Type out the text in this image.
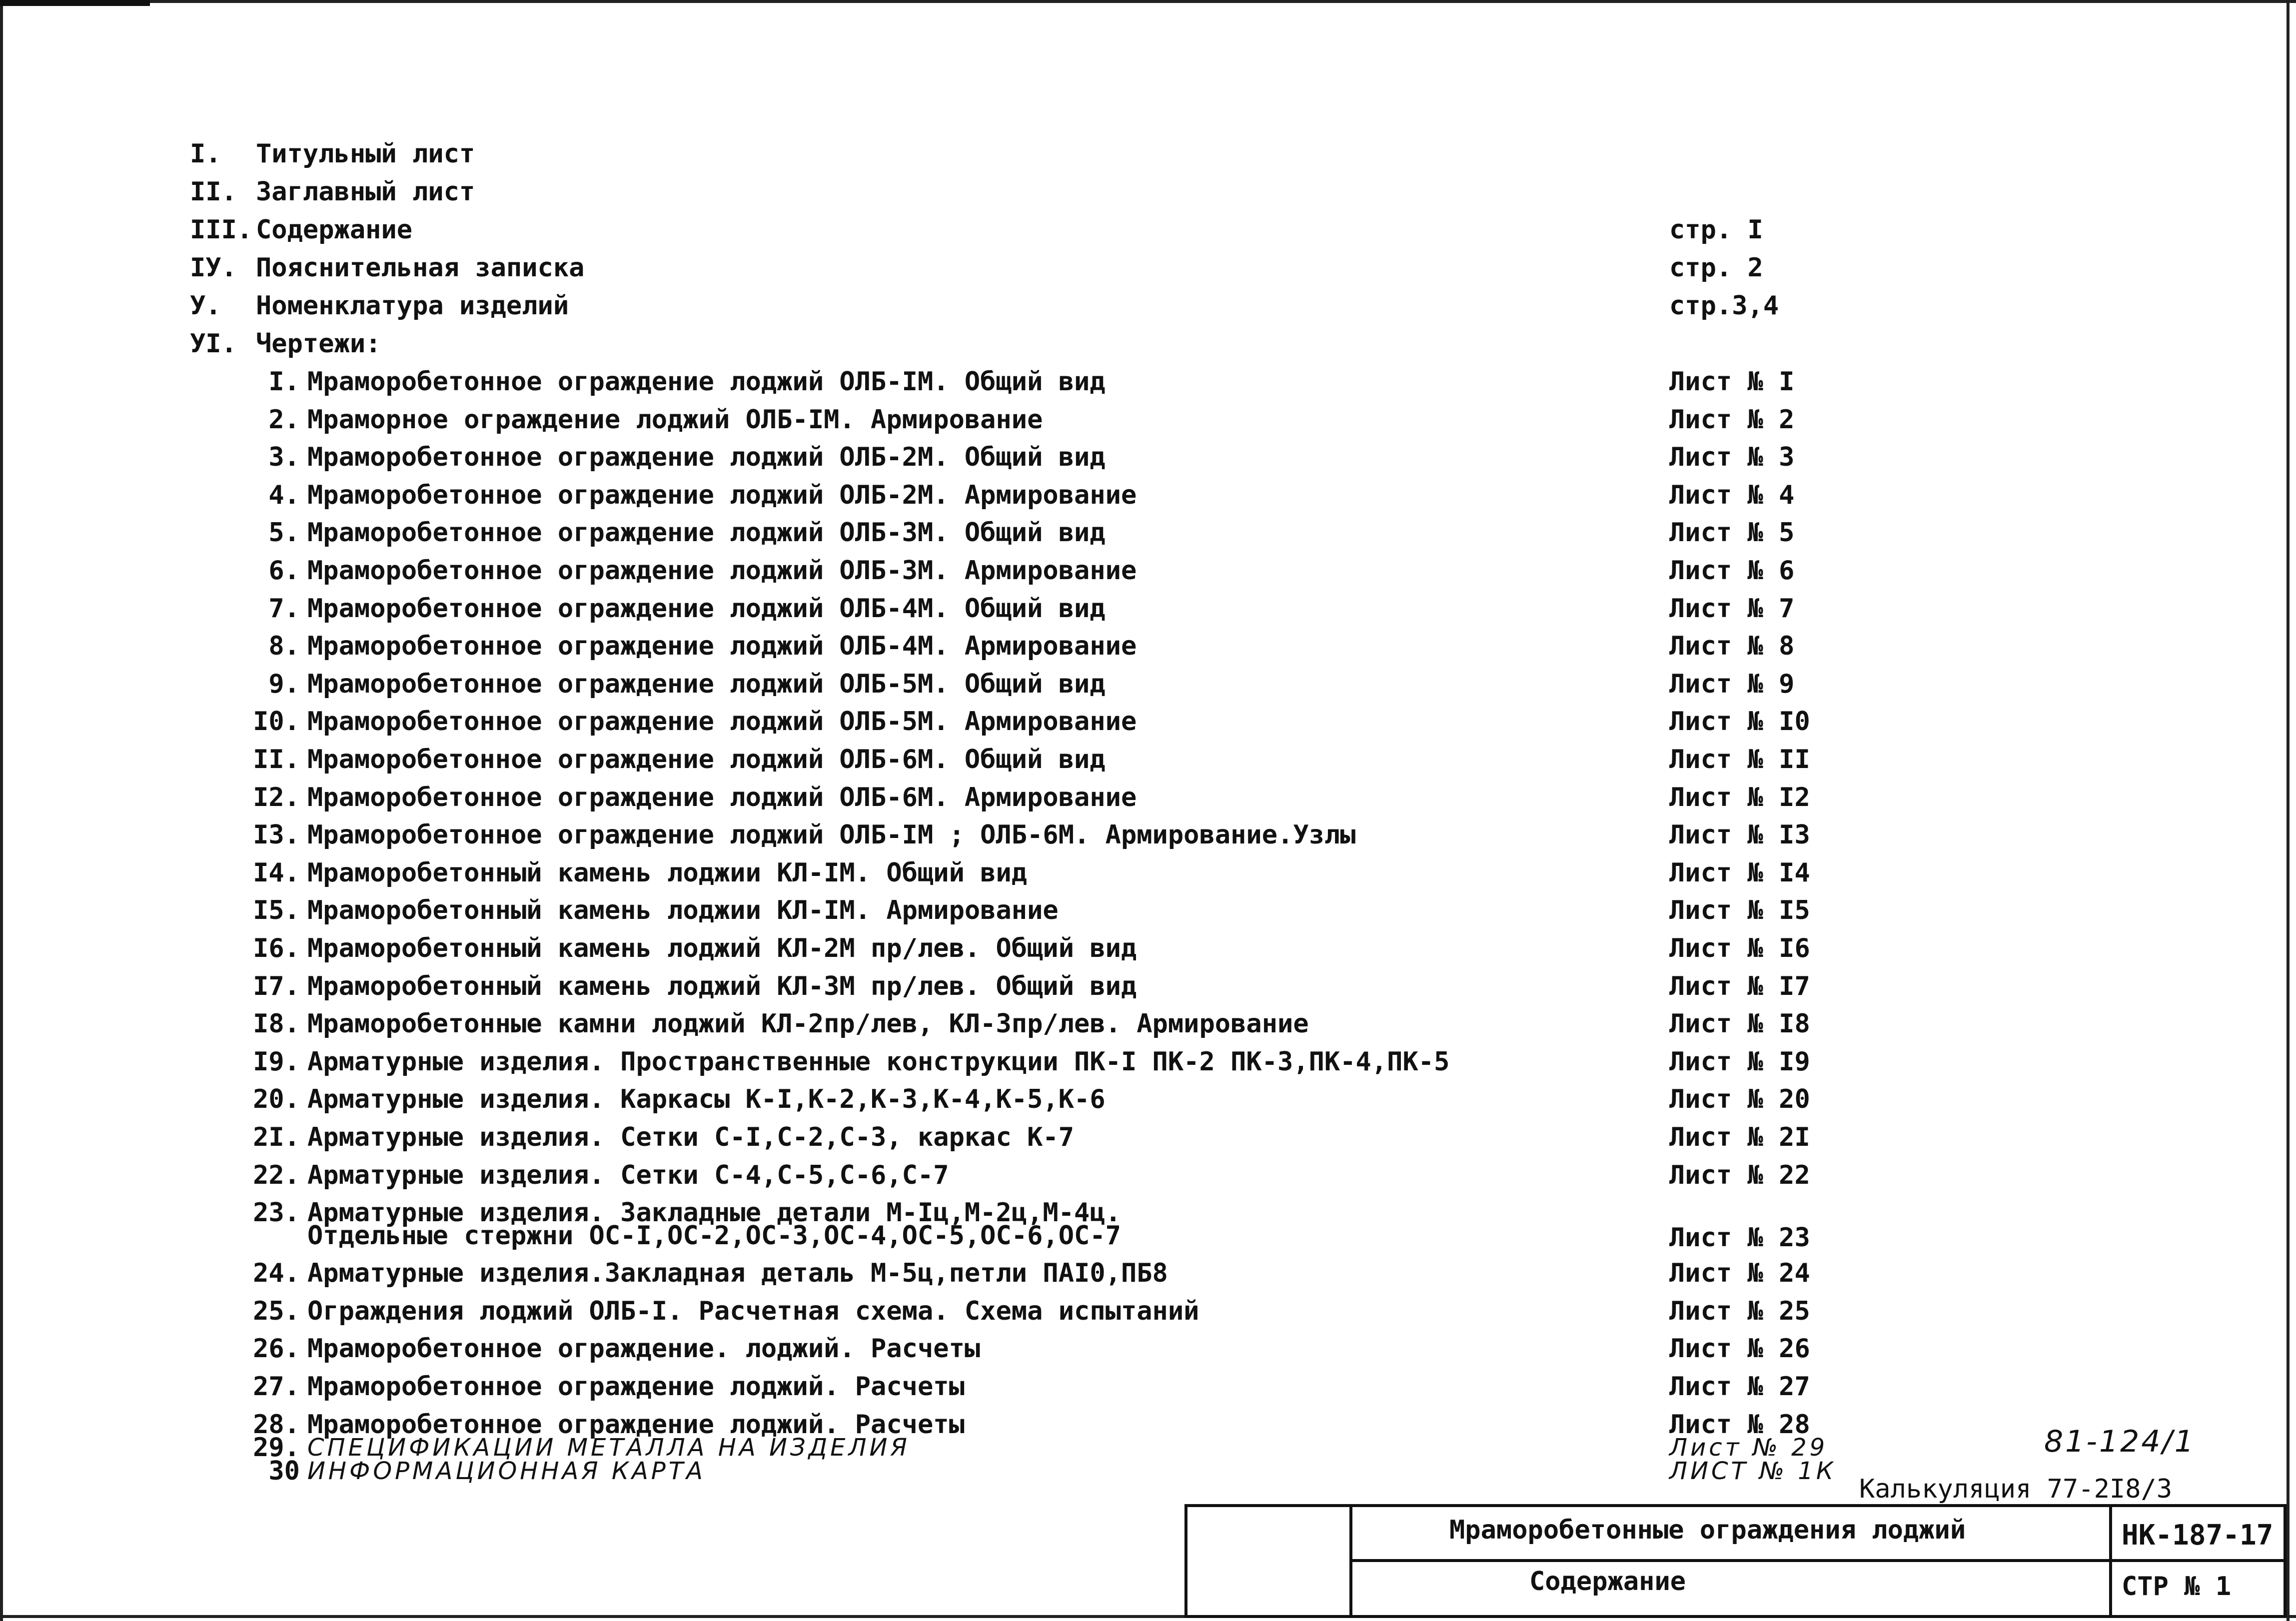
I.	Титульный лист
II. Заглавный лист
III. Содержание	стр. I
IУ. Пояснительная записка	стр. 2
У.	Номенклатура изделий	стр.3,4
УI. Чертежи:
I. Мраморобетонное ограждение лоджий ОЛБ-IМ. Общий вид	Лист № I
2. Мраморное ограждение лоджий ОЛБ-IМ. Армирование	Лист № 2
3. Мраморобетонное ограждение лоджий ОЛБ-2М. Общий вид	Лист № 3
4. Мраморобетонное ограждение лоджий ОЛБ-2М. Армирование	Лист № 4
5. Мраморобетонное ограждение лоджий ОЛБ-3М. Общий вид	Лист № 5
6. Мраморобетонное ограждение лоджий ОЛБ-3М. Армирование	Лист № 6
7. Мраморобетонное ограждение лоджий ОЛБ-4М. Общий вид	Лист № 7
8. Мраморобетонное ограждение лоджий ОЛБ-4М. Армирование	Лист № 8
9. Мраморобетонное ограждение лоджий ОЛБ-5М. Общий вид	Лист № 9
I0. Мраморобетонное ограждение лоджий ОЛБ-5М. Армирование	Лист № I0
II. Мраморобетонное ограждение лоджий ОЛБ-6М. Общий вид	Лист № II
I2. Мраморобетонное ограждение лоджий ОЛБ-6М. Армирование	Лист № I2
I3. Мраморобетонное ограждение лоджий ОЛБ-IМ ; ОЛБ-6М. Армирование.Узлы	Лист № I3
I4. Мраморобетонный камень лоджии КЛ-IМ. Общий вид	Лист № I4
I5. Мраморобетонный камень лоджии КЛ-IМ. Армирование	Лист № I5
I6. Мраморобетонный камень лоджий КЛ-2М пр/лев. Общий вид	Лист № I6
I7. Мраморобетонный камень лоджий КЛ-3М пр/лев. Общий вид	Лист № I7
I8. Мраморобетонные камни лоджий КЛ-2пр/лев, КЛ-3пр/лев. Армирование	Лист № I8
I9. Арматурные изделия. Пространственные конструкции ПК-I ПК-2 ПК-3,ПК-4,ПК-5	Лист № I9
20. Арматурные изделия. Каркасы К-I,К-2,К-3,К-4,К-5,К-6	Лист № 20
2I. Арматурные изделия. Сетки С-I,С-2,С-3, каркас К-7	Лист № 2I
22. Арматурные изделия. Сетки С-4,С-5,С-6,С-7	Лист № 22
23. Арматурные изделия. Закладные детали М-Iц,М-2ц,М-4ц.
Отдельные стержни ОС-I,ОС-2,ОС-3,ОС-4,ОС-5,ОС-6,ОС-7	Лист № 23
24. Арматурные изделия.Закладная деталь М-5ц,петли ПАI0,ПБ8	Лист № 24
25. Ограждения лоджий ОЛБ-I. Расчетная схема. Схема испытаний	Лист № 25
26. Мраморобетонное ограждение. лоджий. Расчеты	Лист № 26
27. Мраморобетонное ограждение лоджий. Расчеты	Лист № 27
28. Мраморобетонное ограждение лоджий. Расчеты	Лист № 28
29. СПЕЦИФИКАЦИИ МЕТАЛЛА НА ИЗДЕЛИЯ	Лист № 29
30 ИНФОРМАЦИОННАЯ КАРТА	ЛИСТ № 1К
81-124/1
Калькуляция 77-2I8/3
Мраморобетонные ограждения лоджий
Содержание
НК-187-17
СТР № 1
